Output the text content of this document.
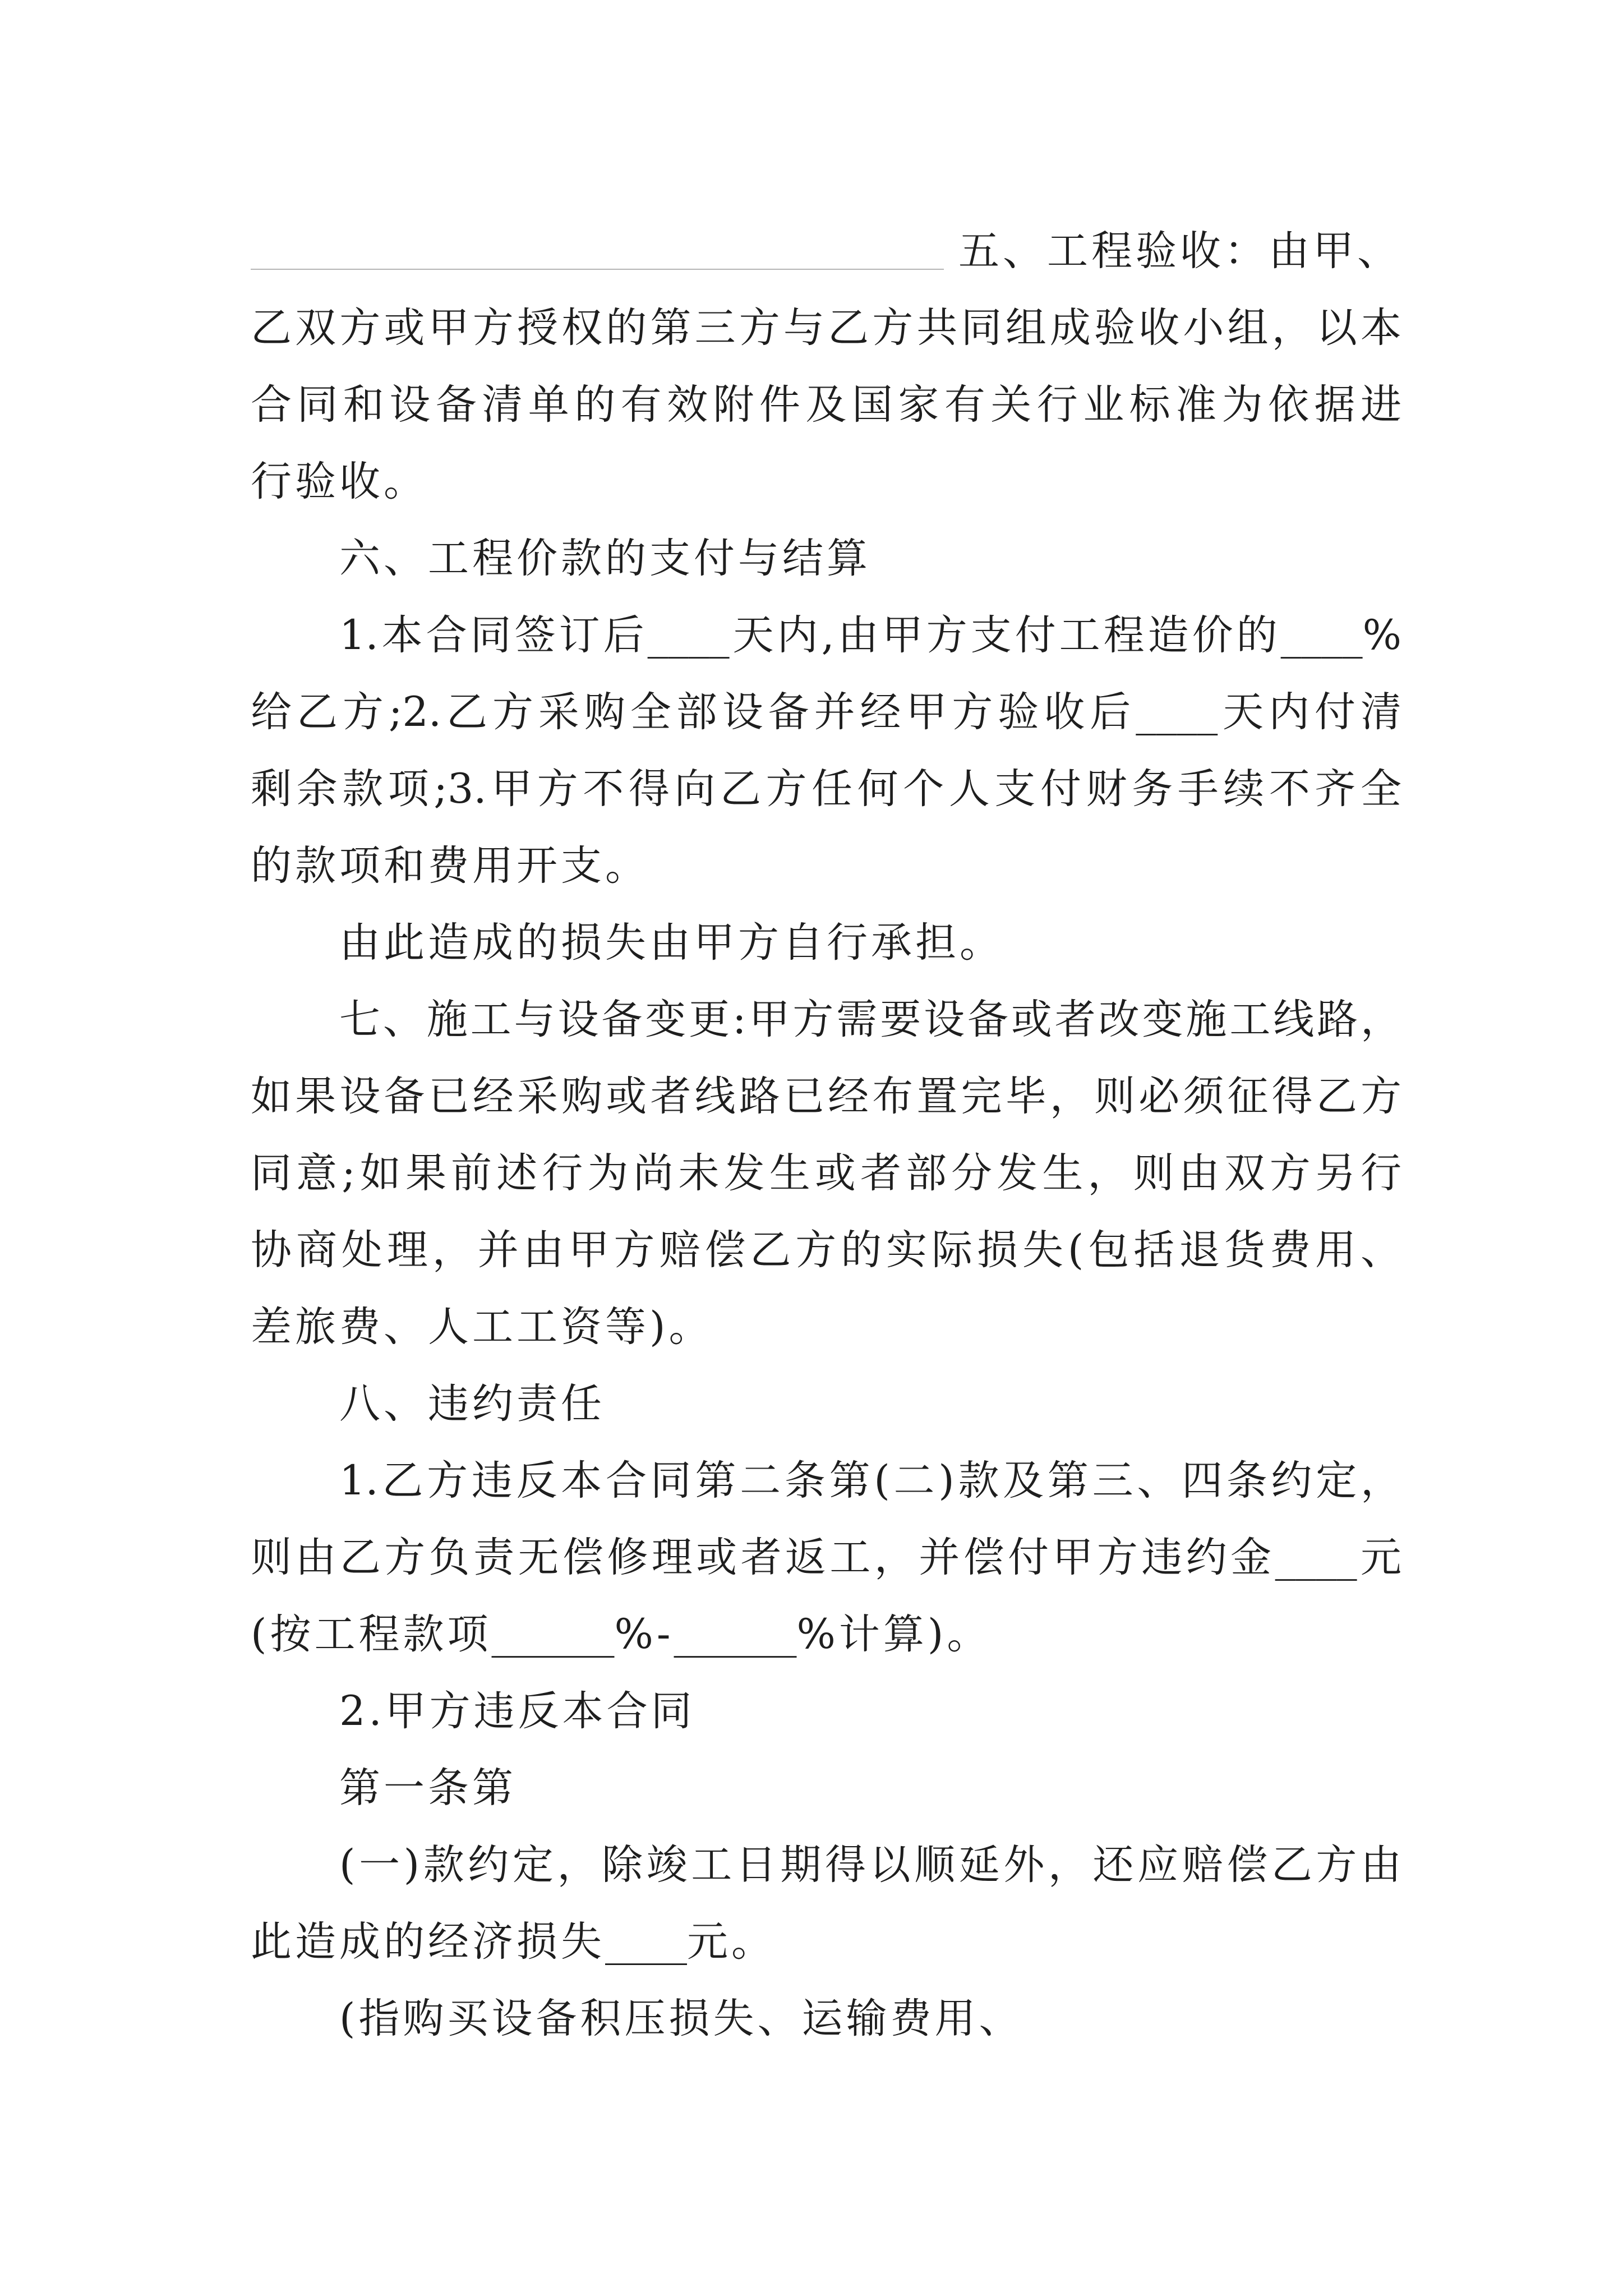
五、工程验收：由甲、
乙双方或甲方授权的第三方与乙方共同组成验收小组，以本
合同和设备清单的有效附件及国家有关行业标准为依据进
行验收。
六、工程价款的支付与结算
1.本合同签订后____天内,由甲方支付工程造价的____%
给乙方;2.乙方采购全部设备并经甲方验收后____天内付清
剩余款项;3.甲方不得向乙方任何个人支付财务手续不齐全
的款项和费用开支。
由此造成的损失由甲方自行承担。
七、施工与设备变更:甲方需要设备或者改变施工线路，
如果设备已经采购或者线路已经布置完毕，则必须征得乙方
同意;如果前述行为尚未发生或者部分发生，则由双方另行
协商处理，并由甲方赔偿乙方的实际损失(包括退货费用、
差旅费、人工工资等)。
八、违约责任
1.乙方违反本合同第二条第(二)款及第三、四条约定，
则由乙方负责无偿修理或者返工，并偿付甲方违约金____元
(按工程款项______%-______%计算)。
2.甲方违反本合同
第一条第
(一)款约定，除竣工日期得以顺延外，还应赔偿乙方由
此造成的经济损失____元。
(指购买设备积压损失、运输费用、
